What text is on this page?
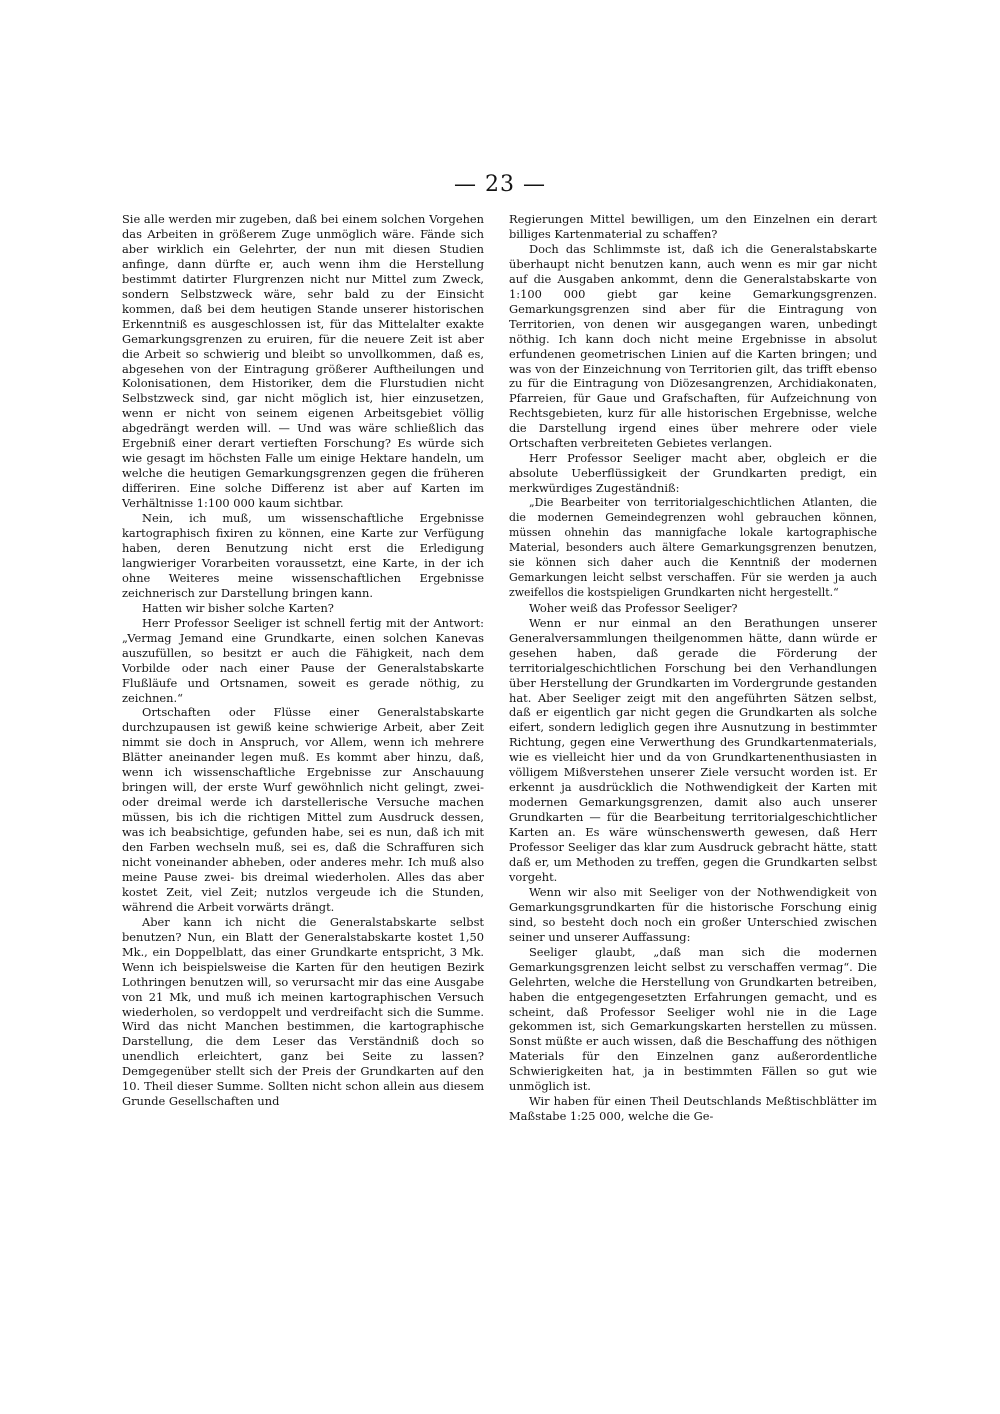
— 23 —

Sie alle werden mir zugeben, daß bei einem solchen Vorgehen das Arbeiten in größerem Zuge unmöglich wäre. Fände sich aber wirklich ein Gelehrter, der nun mit diesen Studien anfinge, dann dürfte er, auch wenn ihm die Herstellung bestimmt datirter Flurgrenzen nicht nur Mittel zum Zweck, sondern Selbstzweck wäre, sehr bald zu der Einsicht kommen, daß bei dem heutigen Stande unserer historischen Erkenntniß es ausgeschlossen ist, für das Mittelalter exakte Gemarkungsgrenzen zu eruiren, für die neuere Zeit ist aber die Arbeit so schwierig und bleibt so unvollkommen, daß es, abgesehen von der Eintragung größerer Auftheilungen und Kolonisationen, dem Historiker, dem die Flurstudien nicht Selbstzweck sind, gar nicht möglich ist, hier einzusetzen, wenn er nicht von seinem eigenen Arbeitsgebiet völlig abgedrängt werden will. — Und was wäre schließlich das Ergebniß einer derart vertieften Forschung? Es würde sich wie gesagt im höchsten Falle um einige Hektare handeln, um welche die heutigen Gemarkungsgrenzen gegen die früheren differiren. Eine solche Differenz ist aber auf Karten im Verhältnisse 1:100 000 kaum sichtbar.

Nein, ich muß, um wissenschaftliche Ergebnisse kartographisch fixiren zu können, eine Karte zur Verfügung haben, deren Benutzung nicht erst die Erledigung langwieriger Vorarbeiten voraussetzt, eine Karte, in der ich ohne Weiteres meine wissenschaftlichen Ergebnisse zeichnerisch zur Darstellung bringen kann.

Hatten wir bisher solche Karten?

Herr Professor Seeliger ist schnell fertig mit der Antwort: „Vermag Jemand eine Grundkarte, einen solchen Kanevas auszufüllen, so besitzt er auch die Fähigkeit, nach dem Vorbilde oder nach einer Pause der Generalstabskarte Flußläufe und Ortsnamen, soweit es gerade nöthig, zu zeichnen.“

Ortschaften oder Flüsse einer Generalstabskarte durchzupausen ist gewiß keine schwierige Arbeit, aber Zeit nimmt sie doch in Anspruch, vor Allem, wenn ich mehrere Blätter aneinander legen muß. Es kommt aber hinzu, daß, wenn ich wissenschaftliche Ergebnisse zur Anschauung bringen will, der erste Wurf gewöhnlich nicht gelingt, zwei- oder dreimal werde ich darstellerische Versuche machen müssen, bis ich die richtigen Mittel zum Ausdruck dessen, was ich beabsichtige, gefunden habe, sei es nun, daß ich mit den Farben wechseln muß, sei es, daß die Schraffuren sich nicht voneinander abheben, oder anderes mehr. Ich muß also meine Pause zwei- bis dreimal wiederholen. Alles das aber kostet Zeit, viel Zeit; nutzlos vergeude ich die Stunden, während die Arbeit vorwärts drängt.

Aber kann ich nicht die Generalstabskarte selbst benutzen? Nun, ein Blatt der Generalstabskarte kostet 1,50 Mk., ein Doppelblatt, das einer Grundkarte entspricht, 3 Mk. Wenn ich beispielsweise die Karten für den heutigen Bezirk Lothringen benutzen will, so verursacht mir das eine Ausgabe von 21 Mk, und muß ich meinen kartographischen Versuch wiederholen, so verdoppelt und verdreifacht sich die Summe. Wird das nicht Manchen bestimmen, die kartographische Darstellung, die dem Leser das Verständniß doch so unendlich erleichtert, ganz bei Seite zu lassen? Demgegenüber stellt sich der Preis der Grundkarten auf den 10. Theil dieser Summe. Sollten nicht schon allein aus diesem Grunde Gesellschaften und

Regierungen Mittel bewilligen, um den Einzelnen ein derart billiges Kartenmaterial zu schaffen?

Doch das Schlimmste ist, daß ich die Generalstabskarte überhaupt nicht benutzen kann, auch wenn es mir gar nicht auf die Ausgaben ankommt, denn die Generalstabskarte von 1:100 000 giebt gar keine Gemarkungsgrenzen. Gemarkungsgrenzen sind aber für die Eintragung von Territorien, von denen wir ausgegangen waren, unbedingt nöthig. Ich kann doch nicht meine Ergebnisse in absolut erfundenen geometrischen Linien auf die Karten bringen; und was von der Einzeichnung von Territorien gilt, das trifft ebenso zu für die Eintragung von Diözesangrenzen, Archidiakonaten, Pfarreien, für Gaue und Grafschaften, für Aufzeichnung von Rechtsgebieten, kurz für alle historischen Ergebnisse, welche die Darstellung irgend eines über mehrere oder viele Ortschaften verbreiteten Gebietes verlangen.

Herr Professor Seeliger macht aber, obgleich er die absolute Ueberflüssigkeit der Grundkarten predigt, ein merkwürdiges Zugeständniß:

„Die Bearbeiter von territorialgeschichtlichen Atlanten, die die modernen Gemeindegrenzen wohl gebrauchen können, müssen ohnehin das mannigfache lokale kartographische Material, besonders auch ältere Gemarkungsgrenzen benutzen, sie können sich daher auch die Kenntniß der modernen Gemarkungen leicht selbst verschaffen. Für sie werden ja auch zweifellos die kostspieligen Grundkarten nicht hergestellt.“

Woher weiß das Professor Seeliger?

Wenn er nur einmal an den Berathungen unserer Generalversammlungen theilgenommen hätte, dann würde er gesehen haben, daß gerade die Förderung der territorialgeschichtlichen Forschung bei den Verhandlungen über Herstellung der Grundkarten im Vordergrunde gestanden hat. Aber Seeliger zeigt mit den angeführten Sätzen selbst, daß er eigentlich gar nicht gegen die Grundkarten als solche eifert, sondern lediglich gegen ihre Ausnutzung in bestimmter Richtung, gegen eine Verwerthung des Grundkartenmaterials, wie es vielleicht hier und da von Grundkartenenthusiasten in völligem Mißverstehen unserer Ziele versucht worden ist. Er erkennt ja ausdrücklich die Nothwendigkeit der Karten mit modernen Gemarkungsgrenzen, damit also auch unserer Grundkarten — für die Bearbeitung territorialgeschichtlicher Karten an. Es wäre wünschenswerth gewesen, daß Herr Professor Seeliger das klar zum Ausdruck gebracht hätte, statt daß er, um Methoden zu treffen, gegen die Grundkarten selbst vorgeht.

Wenn wir also mit Seeliger von der Nothwendigkeit von Gemarkungsgrundkarten für die historische Forschung einig sind, so besteht doch noch ein großer Unterschied zwischen seiner und unserer Auffassung:

Seeliger glaubt, „daß man sich die modernen Gemarkungsgrenzen leicht selbst zu verschaffen vermag“. Die Gelehrten, welche die Herstellung von Grundkarten betreiben, haben die entgegengesetzten Erfahrungen gemacht, und es scheint, daß Professor Seeliger wohl nie in die Lage gekommen ist, sich Gemarkungskarten herstellen zu müssen. Sonst müßte er auch wissen, daß die Beschaffung des nöthigen Materials für den Einzelnen ganz außerordentliche Schwierigkeiten hat, ja in bestimmten Fällen so gut wie unmöglich ist.

Wir haben für einen Theil Deutschlands Meßtischblätter im Maßstabe 1:25 000, welche die Ge-
